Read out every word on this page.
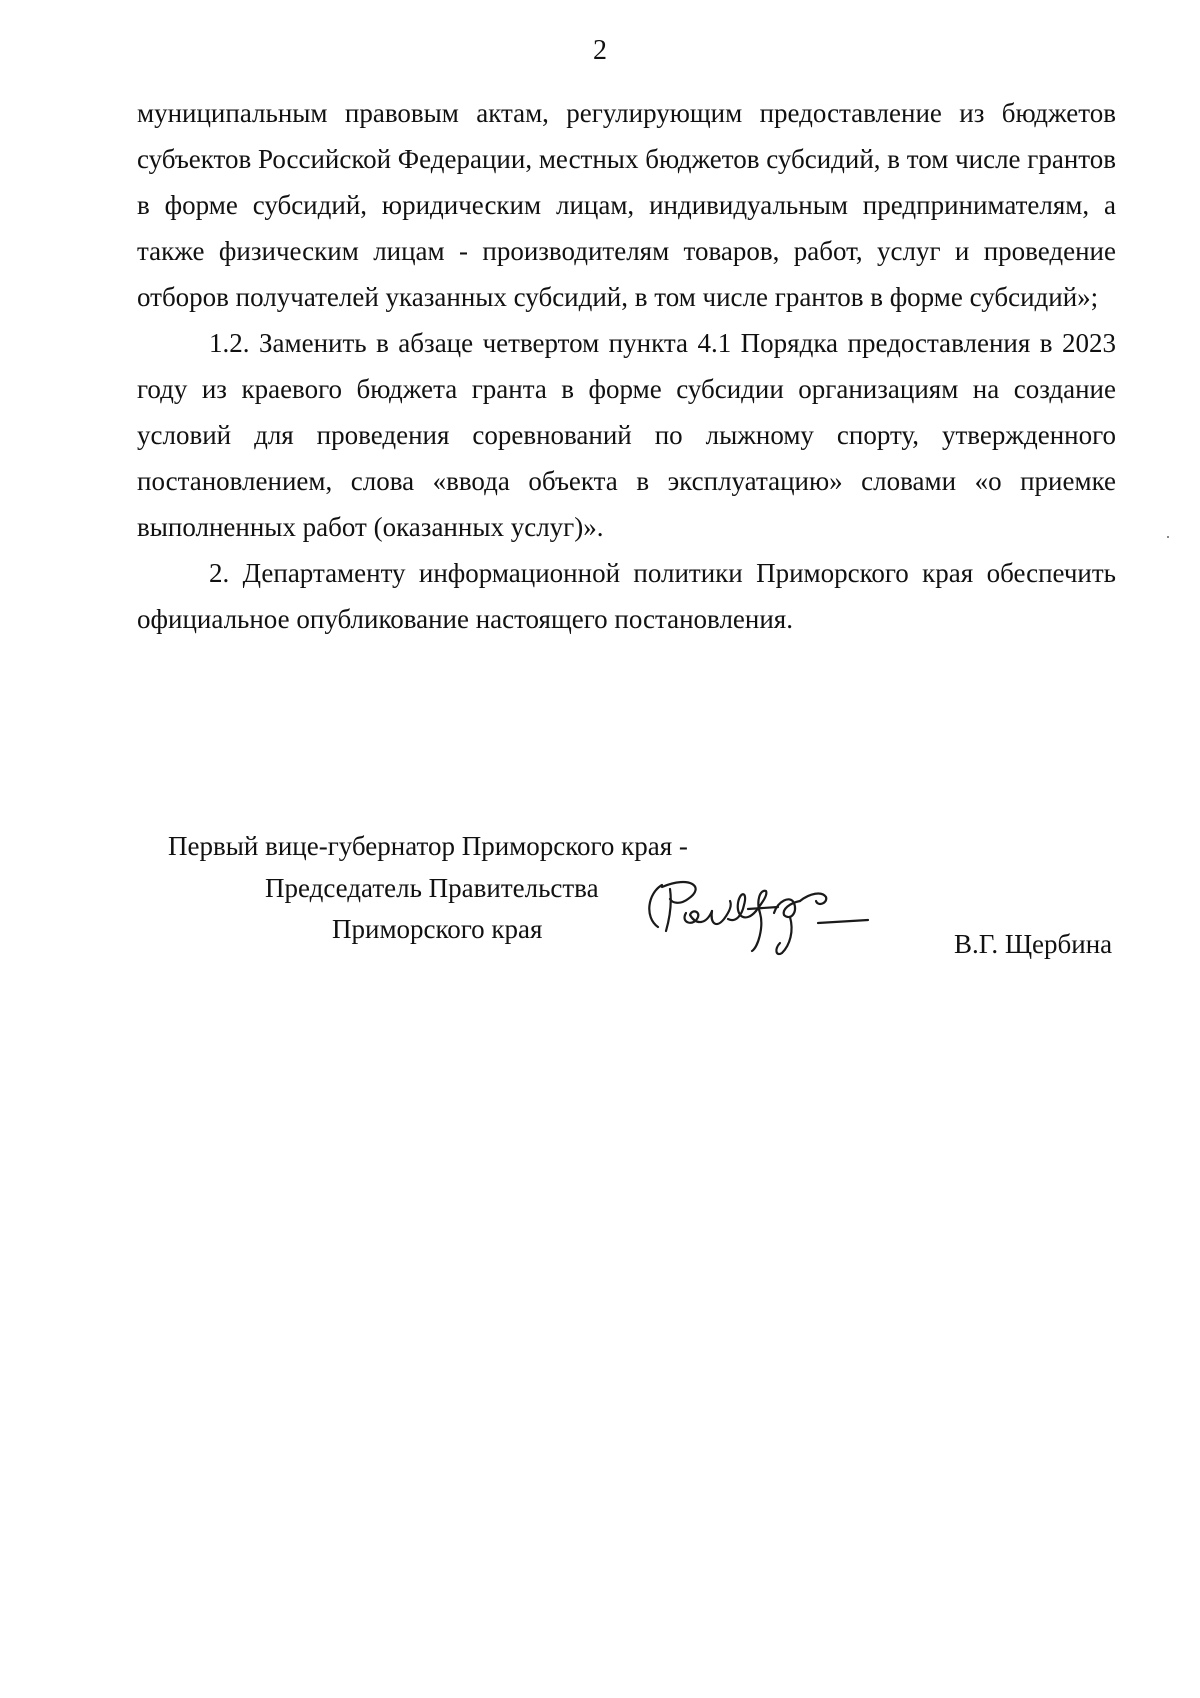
2

муниципальным правовым актам, регулирующим предоставление из бюджетов субъектов Российской Федерации, местных бюджетов субсидий, в том числе грантов в форме субсидий, юридическим лицам, индивидуальным предпринимателям, а также физическим лицам - производителям товаров, работ, услуг и проведение отборов получателей указанных субсидий, в том числе грантов в форме субсидий»;

1.2. Заменить в абзаце четвертом пункта 4.1 Порядка предоставления в 2023 году из краевого бюджета гранта в форме субсидии организациям на создание условий для проведения соревнований по лыжному спорту, утвержденного постановлением, слова «ввода объекта в эксплуатацию» словами «о приемке выполненных работ (оказанных услуг)».

2. Департаменту информационной политики Приморского края обеспечить официальное опубликование настоящего постановления.

Первый вице-губернатор Приморского края -
Председатель Правительства
Приморского края	В.Г. Щербина
